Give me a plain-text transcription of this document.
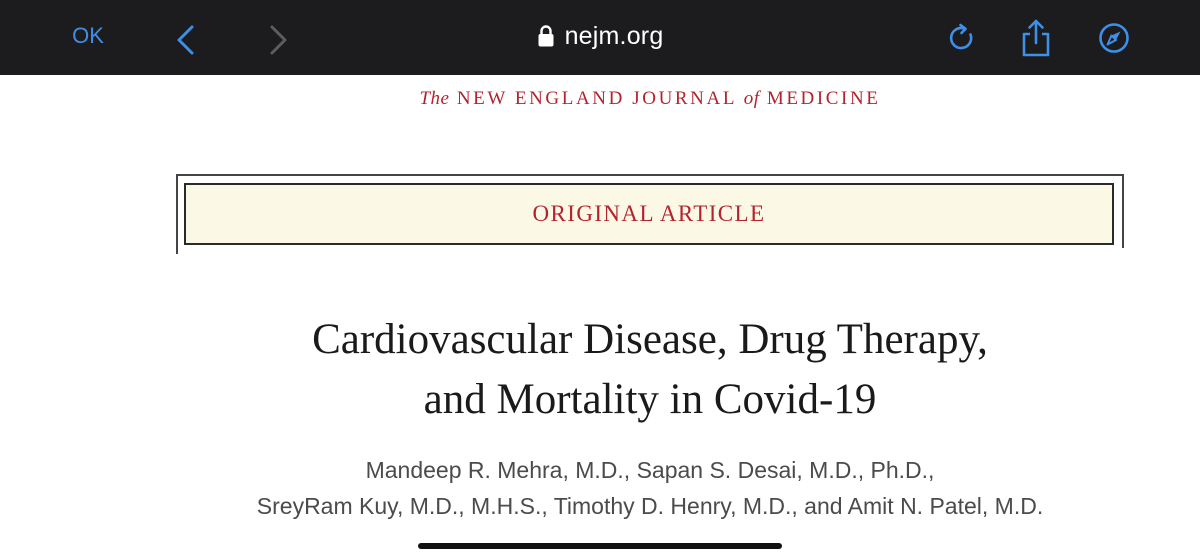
OK	nejm.org
The NEW ENGLAND JOURNAL of MEDICINE
ORIGINAL ARTICLE
Cardiovascular Disease, Drug Therapy,
and Mortality in Covid-19
Mandeep R. Mehra, M.D., Sapan S. Desai, M.D., Ph.D.,
SreyRam Kuy, M.D., M.H.S., Timothy D. Henry, M.D., and Amit N. Patel, M.D.
